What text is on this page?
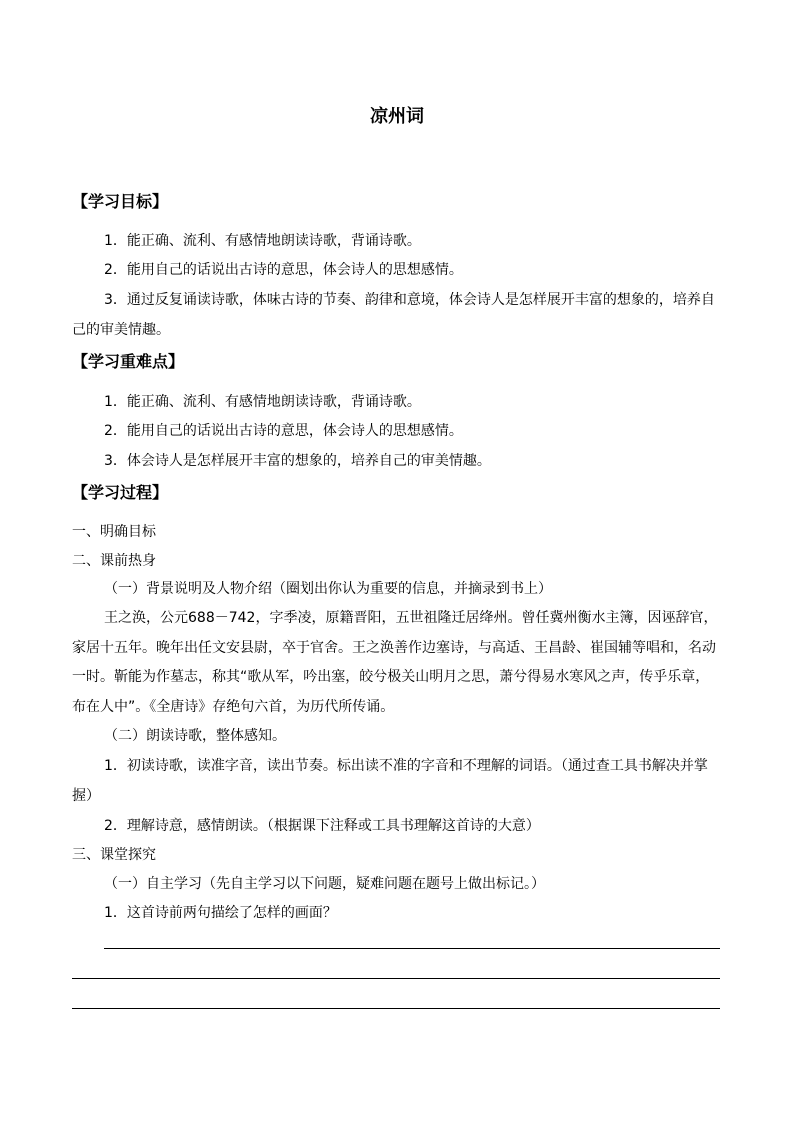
凉州词
【学习目标】
1．能正确、流利、有感情地朗读诗歌，背诵诗歌。
2．能用自己的话说出古诗的意思，体会诗人的思想感情。
3．通过反复诵读诗歌，体味古诗的节奏、韵律和意境，体会诗人是怎样展开丰富的想象的，培养自己的审美情趣。
【学习重难点】
1．能正确、流利、有感情地朗读诗歌，背诵诗歌。
2．能用自己的话说出古诗的意思，体会诗人的思想感情。
3．体会诗人是怎样展开丰富的想象的，培养自己的审美情趣。
【学习过程】
一、明确目标
二、课前热身
（一）背景说明及人物介绍（圈划出你认为重要的信息，并摘录到书上）
王之涣，公元688－742，字季凌，原籍晋阳，五世祖隆迁居绛州。曾任冀州衡水主簿，因诬辞官，家居十五年。晚年出任文安县尉，卒于官舍。王之涣善作边塞诗，与高适、王昌龄、崔国辅等唱和，名动一时。靳能为作墓志，称其“歌从军，吟出塞，皎兮极关山明月之思，萧兮得易水寒风之声，传乎乐章，布在人中”。《全唐诗》存绝句六首，为历代所传诵。
（二）朗读诗歌，整体感知。
1．初读诗歌，读准字音，读出节奏。标出读不准的字音和不理解的词语。（通过查工具书解决并掌握）
2．理解诗意，感情朗读。（根据课下注释或工具书理解这首诗的大意）
三、课堂探究
（一）自主学习（先自主学习以下问题，疑难问题在题号上做出标记。）
1．这首诗前两句描绘了怎样的画面？
